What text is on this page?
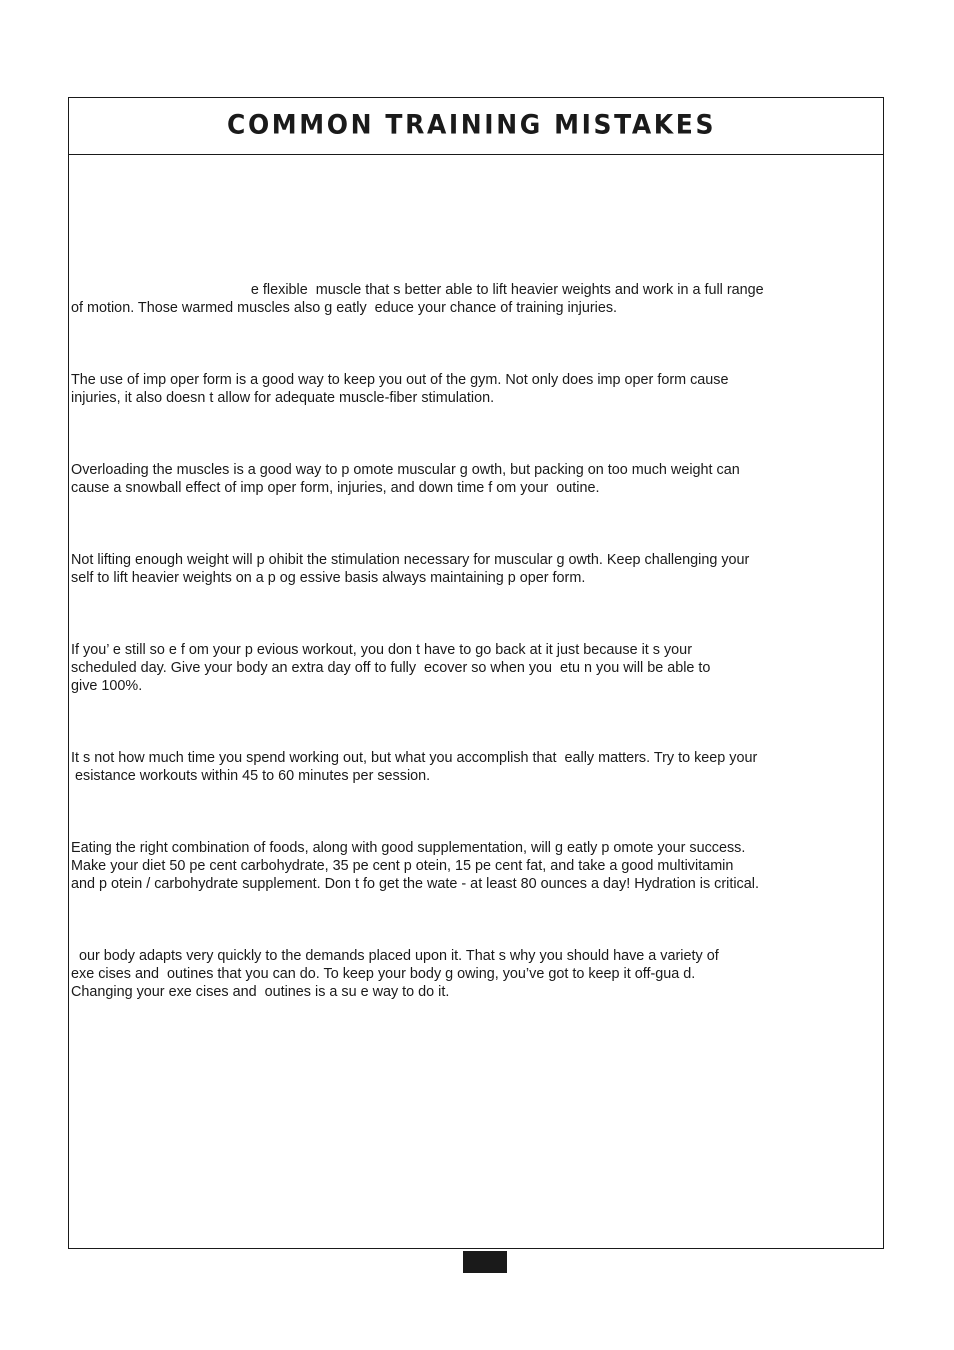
COMMON TRAINING MISTAKES

e flexible  muscle that s better able to lift heavier weights and work in a full range
of motion. Those warmed muscles also g eatly  educe your chance of training injuries.

The use of imp oper form is a good way to keep you out of the gym. Not only does imp oper form cause
injuries, it also doesn t allow for adequate muscle-fiber stimulation.

Overloading the muscles is a good way to p omote muscular g owth, but packing on too much weight can
cause a snowball effect of imp oper form, injuries, and down time f om your  outine.

Not lifting enough weight will p ohibit the stimulation necessary for muscular g owth. Keep challenging your
self to lift heavier weights on a p og essive basis always maintaining p oper form.

If you’ e still so e f om your p evious workout, you don t have to go back at it just because it s your
scheduled day. Give your body an extra day off to fully  ecover so when you  etu n you will be able to
give 100%.

It s not how much time you spend working out, but what you accomplish that  eally matters. Try to keep your
esistance workouts within 45 to 60 minutes per session.

Eating the right combination of foods, along with good supplementation, will g eatly p omote your success.
Make your diet 50 pe cent carbohydrate, 35 pe cent p otein, 15 pe cent fat, and take a good multivitamin
and p otein / carbohydrate supplement. Don t fo get the wate - at least 80 ounces a day! Hydration is critical.

our body adapts very quickly to the demands placed upon it. That s why you should have a variety of
exe cises and  outines that you can do. To keep your body g owing, you’ve got to keep it off-gua d.
Changing your exe cises and  outines is a su e way to do it.
